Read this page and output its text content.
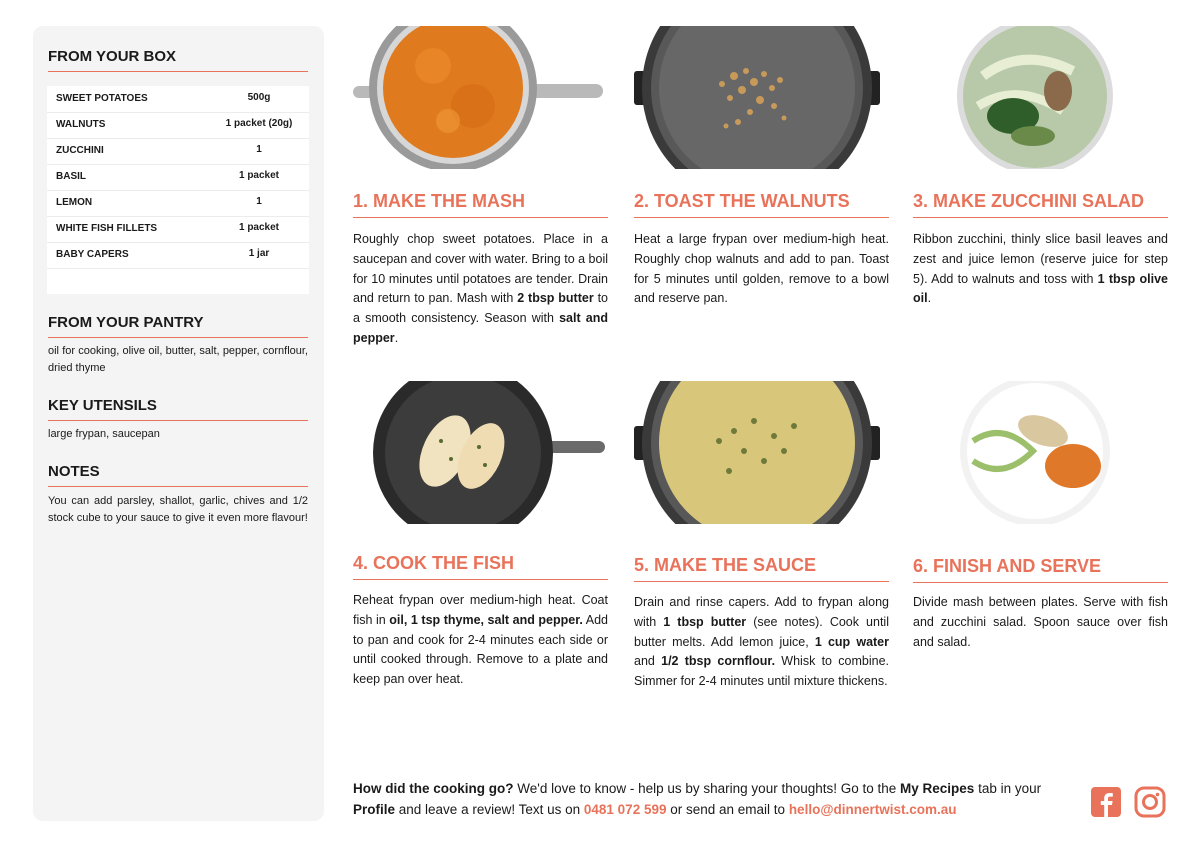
FROM YOUR BOX
SWEET POTATOES	500g
WALNUTS	1 packet (20g)
ZUCCHINI	1
BASIL	1 packet
LEMON	1
WHITE FISH FILLETS	1 packet
BABY CAPERS	1 jar
FROM YOUR PANTRY
oil for cooking, olive oil, butter, salt, pepper, cornflour, dried thyme
KEY UTENSILS
large frypan, saucepan
NOTES
You can add parsley, shallot, garlic, chives and 1/2 stock cube to your sauce to give it even more flavour!
1. MAKE THE MASH
Roughly chop sweet potatoes. Place in a saucepan and cover with water. Bring to a boil for 10 minutes until potatoes are tender. Drain and return to pan. Mash with 2 tbsp butter to a smooth consistency. Season with salt and pepper.
2. TOAST THE WALNUTS
Heat a large frypan over medium-high heat. Roughly chop walnuts and add to pan. Toast for 5 minutes until golden, remove to a bowl and reserve pan.
3. MAKE ZUCCHINI SALAD
Ribbon zucchini, thinly slice basil leaves and zest and juice lemon (reserve juice for step 5). Add to walnuts and toss with 1 tbsp olive oil.
4. COOK THE FISH
Reheat frypan over medium-high heat. Coat fish in oil, 1 tsp thyme, salt and pepper. Add to pan and cook for 2-4 minutes each side or until cooked through. Remove to a plate and keep pan over heat.
5. MAKE THE SAUCE
Drain and rinse capers. Add to frypan along with 1 tbsp butter (see notes). Cook until butter melts. Add lemon juice, 1 cup water and 1/2 tbsp cornflour. Whisk to combine. Simmer for 2-4 minutes until mixture thickens.
6. FINISH AND SERVE
Divide mash between plates. Serve with fish and zucchini salad. Spoon sauce over fish and salad.
How did the cooking go? We'd love to know - help us by sharing your thoughts! Go to the My Recipes tab in your Profile and leave a review! Text us on 0481 072 599 or send an email to hello@dinnertwist.com.au
